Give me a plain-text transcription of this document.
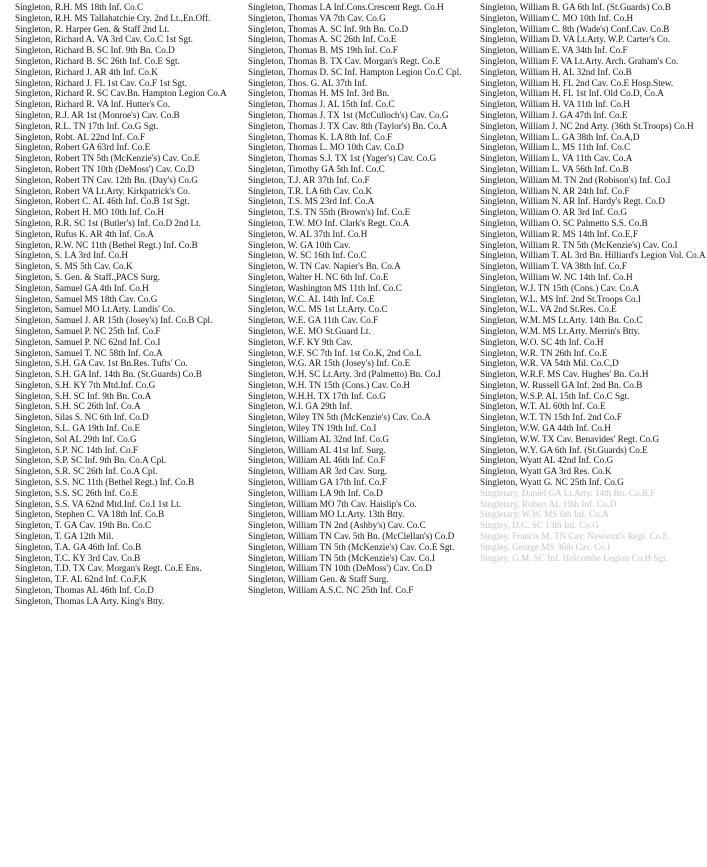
Singleton, R.H. MS 18th Inf. Co.C
Singleton, R.H. MS Tallahatchie Cty. 2nd Lt.,En.Off.
Singleton, R. Harper Gen. & Staff 2nd Lt.
Singleton, Richard A. VA 3rd Cav. Co.C 1st Sgt.
Singleton, Richard B. SC Inf. 9th Bn. Co.D
Singleton, Richard B. SC 26th Inf. Co.E Sgt.
Singleton, Richard J. AR 4th Inf. Co.K
Singleton, Richard J. FL 1st Cav. Co.F 1st Sgt.
Singleton, Richard R. SC Cav.Bn. Hampton Legion Co.A
Singleton, Richard R. VA Inf. Hutter's Co.
Singleton, R.J. AR 1st (Monroe's) Cav. Co.B
Singleton, R.L. TN 17th Inf. Co.G Sgt.
Singleton, Robt. AL 22nd Inf. Co.F
Singleton, Robert GA 63rd Inf. Co.E
Singleton, Robert TN 5th (McKenzie's) Cav. Co.E
Singleton, Robert TN 10th (DeMoss') Cav. Co.D
Singleton, Robert TN Cav. 12th Bn. (Day's) Co.G
Singleton, Robert VA Lt.Arty. Kirkpatrick's Co.
Singleton, Robert C. AL 46th Inf. Co.B 1st Sgt.
Singleton, Robert H. MO 10th Inf. Co.H
Singleton, R.R. SC 1st (Butler's) Inf. Co.D 2nd Lt.
Singleton, Rufus K. AR 4th Inf. Co.A
Singleton, R.W. NC 11th (Bethel Regt.) Inf. Co.B
Singleton, S. LA 3rd Inf. Co.H
Singleton, S. MS 5th Cav. Co.K
Singleton, S. Gen. & Staff.,PACS Surg.
Singleton, Samuel GA 4th Inf. Co.H
Singleton, Samuel MS 18th Cav. Co.G
Singleton, Samuel MO Lt.Arty. Landis' Co.
Singleton, Samuel J. AR 15th (Josey's) Inf. Co.B Cpl.
Singleton, Samuel P. NC 25th Inf. Co.F
Singleton, Samuel P. NC 62nd Inf. Co.I
Singleton, Samuel T. NC 58th Inf. Co.A
Singleton, S.H. GA Cav. 1st Bn.Res. Tufts' Co.
Singleton, S.H. GA Inf. 14th Bn. (St.Guards) Co.B
Singleton, S.H. KY 7th Mtd.Inf. Co.G
Singleton, S.H. SC Inf. 9th Bn. Co.A
Singleton, S.H. SC 26th Inf. Co.A
Singleton, Silas S. NC 6th Inf. Co.D
Singleton, S.L. GA 19th Inf. Co.E
Singleton, Sol AL 29th Inf. Co.G
Singleton, S.P. NC 14th Inf. Co.F
Singleton, S.P. SC Inf. 9th Bn. Co.A Cpl.
Singleton, S.R. SC 26th Inf. Co.A Cpl.
Singleton, S.S. NC 11th (Bethel Regt.) Inf. Co.B
Singleton, S.S. SC 26th Inf. Co.E
Singleton, S.S. VA 62nd Mtd.Inf. Co.I 1st Lt.
Singleton, Stephen C. VA 18th Inf. Co.B
Singleton, T. GA Cav. 19th Bn. Co.C
Singleton, T. GA 12th Mil.
Singleton, T.A. GA 46th Inf. Co.B
Singleton, T.C. KY 3rd Cav. Co.B
Singleton, T.D. TX Cav. Morgan's Regt. Co.E Ens.
Singleton, T.F. AL 62nd Inf. Co.F,K
Singleton, Thomas AL 46th Inf. Co.D
Singleton, Thomas LA Arty. King's Btty.
Singleton, Thomas LA Inf.Cons.Crescent Regt. Co.H
Singleton, Thomas VA 7th Cav. Co.G
Singleton, Thomas A. SC Inf. 9th Bn. Co.D
Singleton, Thomas A. SC 26th Inf. Co.E
Singleton, Thomas B. MS 19th Inf. Co.F
Singleton, Thomas B. TX Cav. Morgan's Regt. Co.E
Singleton, Thomas D. SC Inf. Hampton Legion Co.C Cpl.
Singleton, Thos. G. AL 37th Inf.
Singleton, Thomas H. MS Inf. 3rd Bn.
Singleton, Thomas J. AL 15th Inf. Co.C
Singleton, Thomas J. TX 1st (McCulloch's) Cav. Co.G
Singleton, Thomas J. TX Cav. 8th (Taylor's) Bn. Co.A
Singleton, Thomas K. LA 8th Inf. Co.F
Singleton, Thomas L. MO 10th Cav. Co.D
Singleton, Thomas S.J. TX 1st (Yager's) Cav. Co.G
Singleton, Timothy GA 5th Inf. Co.C
Singleton, T.J. AR 37th Inf. Co.F
Singleton, T.R. LA 6th Cav. Co.K
Singleton, T.S. MS 23rd Inf. Co.A
Singleton, T.S. TN 55th (Brown's) Inf. Co.E
Singleton, T.W. MO Inf. Clark's Regt. Co.A
Singleton, W. AL 37th Inf. Co.H
Singleton, W. GA 10th Cav.
Singleton, W. SC 16th Inf. Co.C
Singleton, W. TN Cav. Napier's Bn. Co.A
Singleton, Walter H. NC 6th Inf. Co.E
Singleton, Washington MS 11th Inf. Co.C
Singleton, W.C. AL 14th Inf. Co.E
Singleton, W.C. MS 1st Lt.Arty. Co.C
Singleton, W.E. GA 11th Cav. Co.F
Singleton, W.E. MO St.Guard Lt.
Singleton, W.F. KY 9th Cav.
Singleton, W.F. SC 7th Inf. 1st Co.K, 2nd Co.L
Singleton, W.G. AR 15th (Josey's) Inf. Co.E
Singleton, W.H. SC Lt.Arty. 3rd (Palmetto) Bn. Co.I
Singleton, W.H. TN 15th (Cons.) Cav. Co.H
Singleton, W.H.H. TX 17th Inf. Co.G
Singleton, W.I. GA 29th Inf.
Singleton, Wiley TN 5th (McKenzie's) Cav. Co.A
Singleton, Wiley TN 19th Inf. Co.I
Singleton, William AL 32nd Inf. Co.G
Singleton, William AL 41st Inf. Surg.
Singleton, William AL 46th Inf. Co.F
Singleton, William AR 3rd Cav. Surg.
Singleton, William GA 17th Inf. Co.F
Singleton, William LA 9th Inf. Co.D
Singleton, William MO 7th Cav. Haislip's Co.
Singleton, William MO Lt.Arty. 13th Btty.
Singleton, William TN 2nd (Ashby's) Cav. Co.C
Singleton, William TN Cav. 5th Bn. (McClellan's) Co.D
Singleton, William TN 5th (McKenzie's) Cav. Co.E Sgt.
Singleton, William TN 5th (McKenzie's) Cav. Co.I
Singleton, William TN 10th (DeMoss') Cav. Co.D
Singleton, William Gen. & Staff Surg.
Singleton, William A.S.C. NC 25th Inf. Co.F
Singleton, William B. GA 6th Inf. (St.Guards) Co.B
Singleton, William C. MO 10th Inf. Co.H
Singleton, William C. 8th (Wade's) Conf.Cav. Co.B
Singleton, William D. VA Lt.Arty. W.P. Carter's Co.
Singleton, William E. VA 34th Inf. Co.F
Singleton, William F. VA Lt.Arty. Arch. Graham's Co.
Singleton, William H. AL 32nd Inf. Co.B
Singleton, William H. FL 2nd Cav. Co.E Hosp.Stew.
Singleton, William H. FL 1st Inf. Old Co.D, Co.A
Singleton, William H. VA 11th Inf. Co.H
Singleton, William J. GA 47th Inf. Co.E
Singleton, William J. NC 2nd Arty. (36th St.Troops) Co.H
Singleton, William L. GA 38th Inf. Co.A,D
Singleton, William L. MS 11th Inf. Co.C
Singleton, William L. VA 11th Cav. Co.A
Singleton, William L. VA 56th Inf. Co.B
Singleton, William M. TN 2nd (Robison's) Inf. Co.I
Singleton, William N. AR 24th Inf. Co.F
Singleton, William N. AR Inf. Hardy's Regt. Co.D
Singleton, William O. AR 3rd Inf. Co.G
Singleton, William O. SC Palmetto S.S. Co.B
Singleton, William R. MS 14th Inf. Co.E,F
Singleton, William R. TN 5th (McKenzie's) Cav. Co.I
Singleton, William T. AL 3rd Bn. Hilliard's Legion Vol. Co.A
Singleton, William T. VA 38th Inf. Co.F
Singleton, William W. NC 14th Inf. Co.H
Singleton, W.J. TN 15th (Cons.) Cav. Co.A
Singleton, W.L. MS Inf. 2nd St.Troops Co.I
Singleton, W.L. VA 2nd St.Res. Co.E
Singleton, W.M. MS Lt.Arty. 14th Bn. Co.C
Singleton, W.M. MS Lt.Arty. Merrin's Btty.
Singleton, W.O. SC 4th Inf. Co.H
Singleton, W.R. TN 26th Inf. Co.E
Singleton, W.R. VA 54th Mil. Co.C,D
Singleton, W.R.F. MS Cav. Hughes' Bn. Co.H
Singleton, W. Russell GA Inf. 2nd Bn. Co.B
Singleton, W.S.P. AL 15th Inf. Co.C Sgt.
Singleton, W.T. AL 60th Inf. Co.E
Singleton, W.T. TN 15th Inf. 2nd Co.F
Singleton, W.W. GA 44th Inf. Co.H
Singleton, W.W. TX Cav. Benavides' Regt. Co.G
Singleton, W.Y. GA 6th Inf. (St.Guards) Co.E
Singleton, Wyatt AL 42nd Inf. Co.G
Singleton, Wyatt GA 3rd Res. Co.K
Singleton, Wyatt G. NC 25th Inf. Co.G
Singletary, Daniel GA Lt.Arty. 14th Bn. Co.B,F
Singletary, Robert AL 19th Inf. Co.D
Singletary, W.W. MS 6th Inf. Co.A
Singley, D.C. SC 13th Inf. Co.G
Singley, Francis M. TN Cav. Newsom's Regt. Co.E
Singley, George MS 36th Cav. Co.I
Singley, G.M. SC Inf. Holcombe Legion Co.H Sgt.
